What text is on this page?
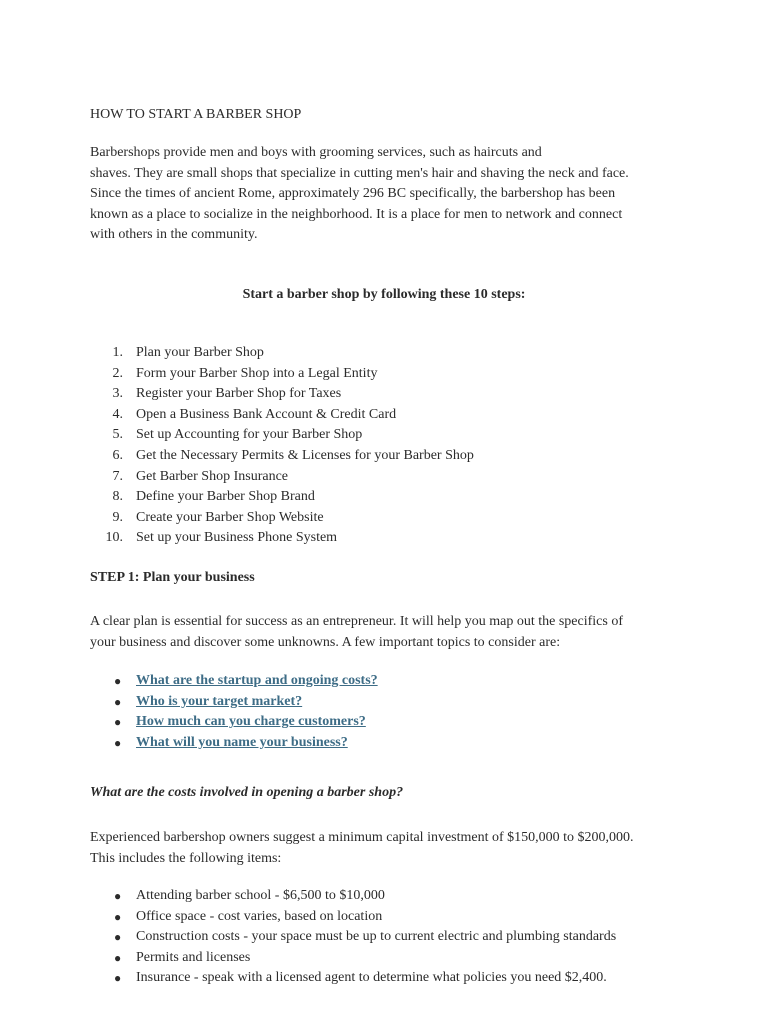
HOW TO START A BARBER SHOP
Barbershops provide men and boys with grooming services, such as haircuts and
shaves. They are small shops that specialize in cutting men's hair and shaving the neck and face.
Since the times of ancient Rome, approximately 296 BC specifically, the barbershop has been
known as a place to socialize in the neighborhood. It is a place for men to network and connect
with others in the community.
Start a barber shop by following these 10 steps:
1. Plan your Barber Shop
2. Form your Barber Shop into a Legal Entity
3. Register your Barber Shop for Taxes
4. Open a Business Bank Account & Credit Card
5. Set up Accounting for your Barber Shop
6. Get the Necessary Permits & Licenses for your Barber Shop
7. Get Barber Shop Insurance
8. Define your Barber Shop Brand
9. Create your Barber Shop Website
10. Set up your Business Phone System
STEP 1: Plan your business
A clear plan is essential for success as an entrepreneur. It will help you map out the specifics of
your business and discover some unknowns. A few important topics to consider are:
● What are the startup and ongoing costs?
● Who is your target market?
● How much can you charge customers?
● What will you name your business?
What are the costs involved in opening a barber shop?
Experienced barbershop owners suggest a minimum capital investment of $150,000 to $200,000.
This includes the following items:
● Attending barber school - $6,500 to $10,000
● Office space - cost varies, based on location
● Construction costs - your space must be up to current electric and plumbing standards
● Permits and licenses
● Insurance - speak with a licensed agent to determine what policies you need $2,400.
